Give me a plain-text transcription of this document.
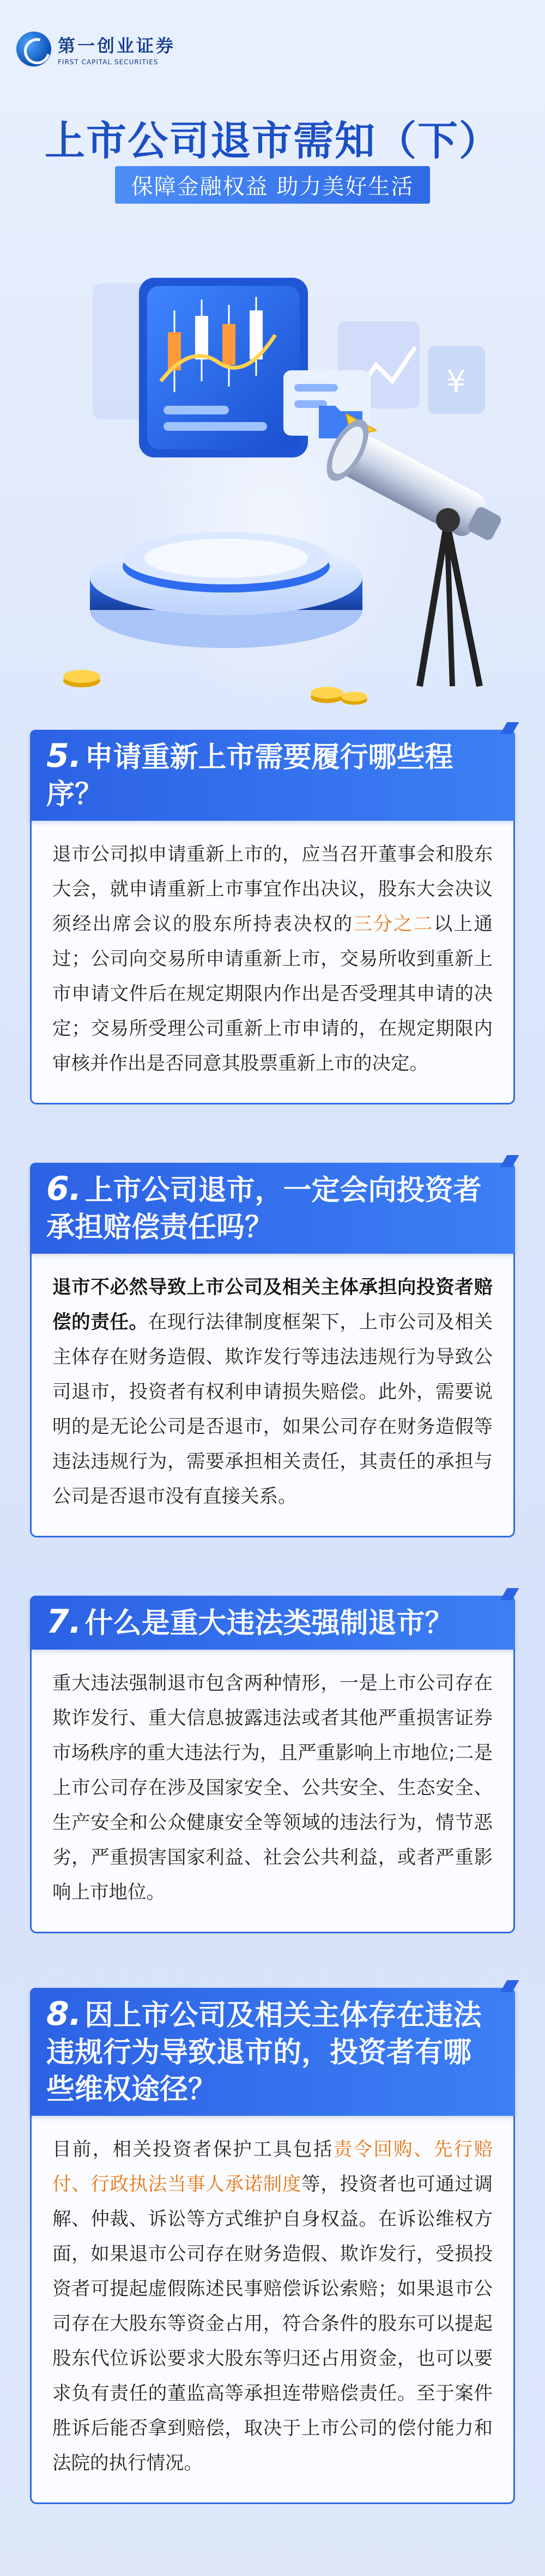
第一创业证券
FIRST CAPITAL SECURITIES
上市公司退市需知（下）
保障金融权益 助力美好生活
¥
5. 申请重新上市需要履行哪些程序？
退市公司拟申请重新上市的，应当召开董事会和股东大会，就申请重新上市事宜作出决议，股东大会决议须经出席会议的股东所持表决权的三分之二以上通过；公司向交易所申请重新上市，交易所收到重新上市申请文件后在规定期限内作出是否受理其申请的决定；交易所受理公司重新上市申请的，在规定期限内审核并作出是否同意其股票重新上市的决定。
6. 上市公司退市，一定会向投资者承担赔偿责任吗？
退市不必然导致上市公司及相关主体承担向投资者赔偿的责任。在现行法律制度框架下，上市公司及相关主体存在财务造假、欺诈发行等违法违规行为导致公司退市，投资者有权利申请损失赔偿。此外，需要说明的是无论公司是否退市，如果公司存在财务造假等违法违规行为，需要承担相关责任，其责任的承担与公司是否退市没有直接关系。
7. 什么是重大违法类强制退市？
重大违法强制退市包含两种情形，一是上市公司存在欺诈发行、重大信息披露违法或者其他严重损害证券市场秩序的重大违法行为，且严重影响上市地位;二是上市公司存在涉及国家安全、公共安全、生态安全、生产安全和公众健康安全等领域的违法行为，情节恶劣，严重损害国家利益、社会公共利益，或者严重影响上市地位。
8. 因上市公司及相关主体存在违法违规行为导致退市的，投资者有哪些维权途径？
目前，相关投资者保护工具包括责令回购、先行赔付、行政执法当事人承诺制度等，投资者也可通过调解、仲裁、诉讼等方式维护自身权益。在诉讼维权方面，如果退市公司存在财务造假、欺诈发行，受损投资者可提起虚假陈述民事赔偿诉讼索赔；如果退市公司存在大股东等资金占用，符合条件的股东可以提起股东代位诉讼要求大股东等归还占用资金，也可以要求负有责任的董监高等承担连带赔偿责任。至于案件胜诉后能否拿到赔偿，取决于上市公司的偿付能力和法院的执行情况。
